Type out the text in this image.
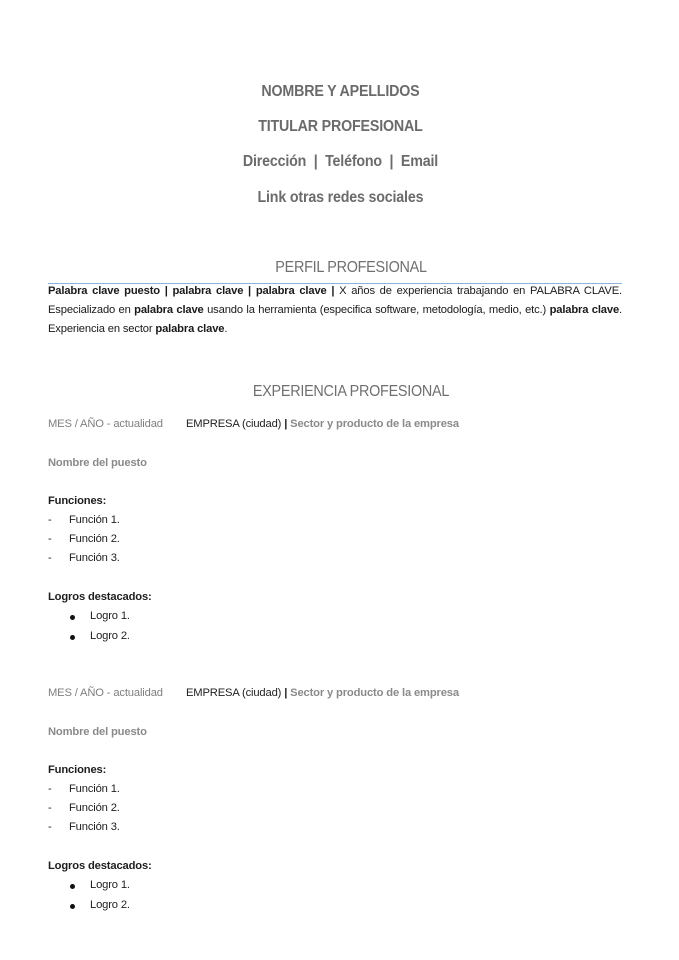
NOMBRE Y APELLIDOS
TITULAR PROFESIONAL
Dirección  |  Teléfono  |  Email
Link otras redes sociales
PERFIL PROFESIONAL
Palabra clave puesto | palabra clave | palabra clave | X años de experiencia trabajando en PALABRA CLAVE. Especializado en palabra clave usando la herramienta (especifica software, metodología, medio, etc.) palabra clave. Experiencia en sector palabra clave.
EXPERIENCIA PROFESIONAL
MES / AÑO - actualidad EMPRESA (ciudad) | Sector y producto de la empresa
Nombre del puesto
Funciones:
- Función 1.
- Función 2.
- Función 3.
Logros destacados:
Logro 1.
Logro 2.
MES / AÑO - actualidad EMPRESA (ciudad) | Sector y producto de la empresa
Nombre del puesto
Funciones:
- Función 1.
- Función 2.
- Función 3.
Logros destacados:
Logro 1.
Logro 2.
